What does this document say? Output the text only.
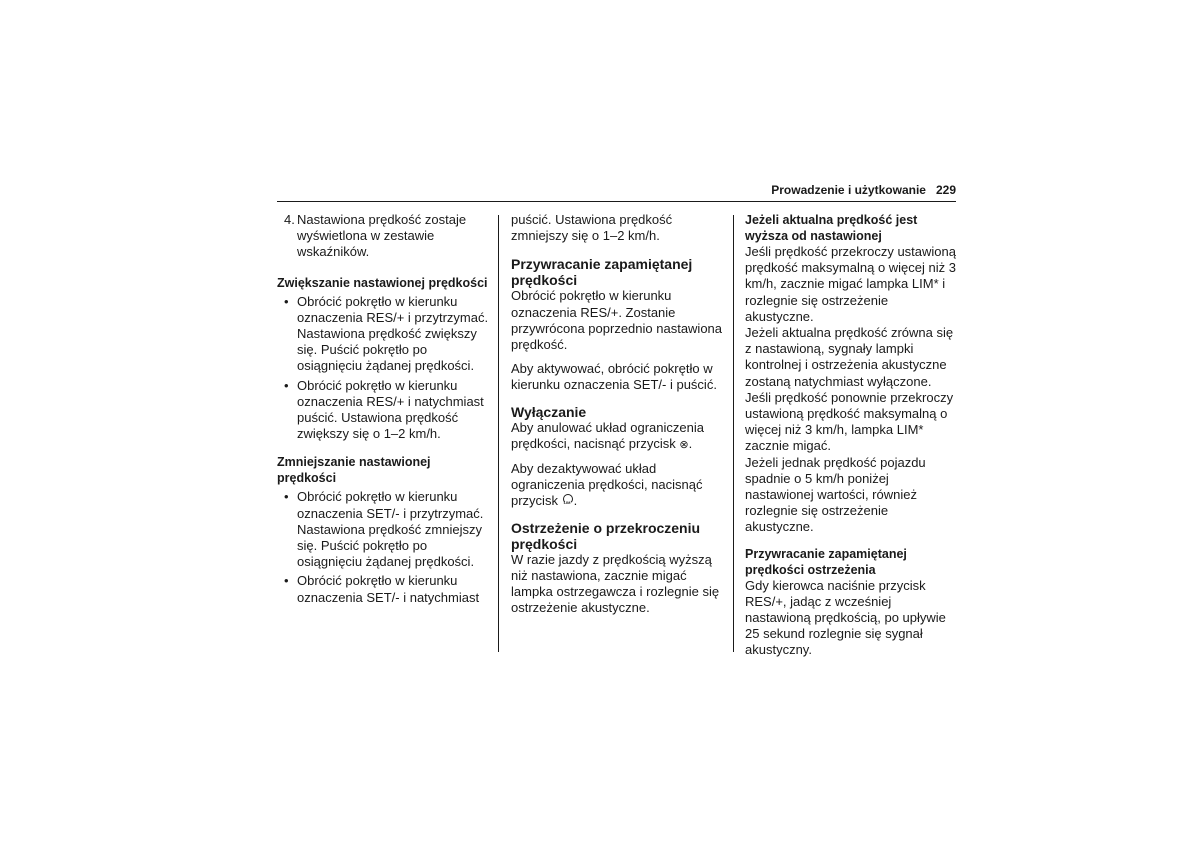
Prowadzenie i użytkowanie 229
4. Nastawiona prędkość zostaje wyświetlona w zestawie wskaźników.

Zwiększanie nastawionej prędkości

• Obrócić pokrętło w kierunku oznaczenia RES/+ i przytrzymać. Nastawiona prędkość zwiększy się. Puścić pokrętło po osiągnięciu żądanej prędkości.
• Obrócić pokrętło w kierunku oznaczenia RES/+ i natychmiast puścić. Ustawiona prędkość zwiększy się o 1–2 km/h.

Zmniejszanie nastawionej prędkości

• Obrócić pokrętło w kierunku oznaczenia SET/- i przytrzymać. Nastawiona prędkość zmniejszy się. Puścić pokrętło po osiągnięciu żądanej prędkości.
• Obrócić pokrętło w kierunku oznaczenia SET/- i natychmiast

puścić. Ustawiona prędkość zmniejszy się o 1–2 km/h.

Przywracanie zapamiętanej prędkości

Obrócić pokrętło w kierunku oznaczenia RES/+. Zostanie przywrócona poprzednio nastawiona prędkość.

Aby aktywować, obrócić pokrętło w kierunku oznaczenia SET/- i puścić.

Wyłączanie

Aby anulować układ ograniczenia prędkości, nacisnąć przycisk ⊗.

Aby dezaktywować układ ograniczenia prędkości, nacisnąć przycisk LIM .

Ostrzeżenie o przekroczeniu prędkości

W razie jazdy z prędkością wyższą niż nastawiona, zacznie migać lampka ostrzegawcza i rozlegnie się ostrzeżenie akustyczne.

Jeżeli aktualna prędkość jest wyższa od nastawionej

Jeśli prędkość przekroczy ustawioną prędkość maksymalną o więcej niż 3 km/h, zacznie migać lampka LIM* i rozlegnie się ostrzeżenie akustyczne.

Jeżeli aktualna prędkość zrówna się z nastawioną, sygnały lampki kontrolnej i ostrzeżenia akustyczne zostaną natychmiast wyłączone.

Jeśli prędkość ponownie przekroczy ustawioną prędkość maksymalną o więcej niż 3 km/h, lampka LIM* zacznie migać.

Jeżeli jednak prędkość pojazdu spadnie o 5 km/h poniżej nastawionej wartości, również rozlegnie się ostrzeżenie akustyczne.

Przywracanie zapamiętanej prędkości ostrzeżenia

Gdy kierowca naciśnie przycisk RES/+, jadąc z wcześniej nastawioną prędkością, po upływie 25 sekund rozlegnie się sygnał akustyczny.
